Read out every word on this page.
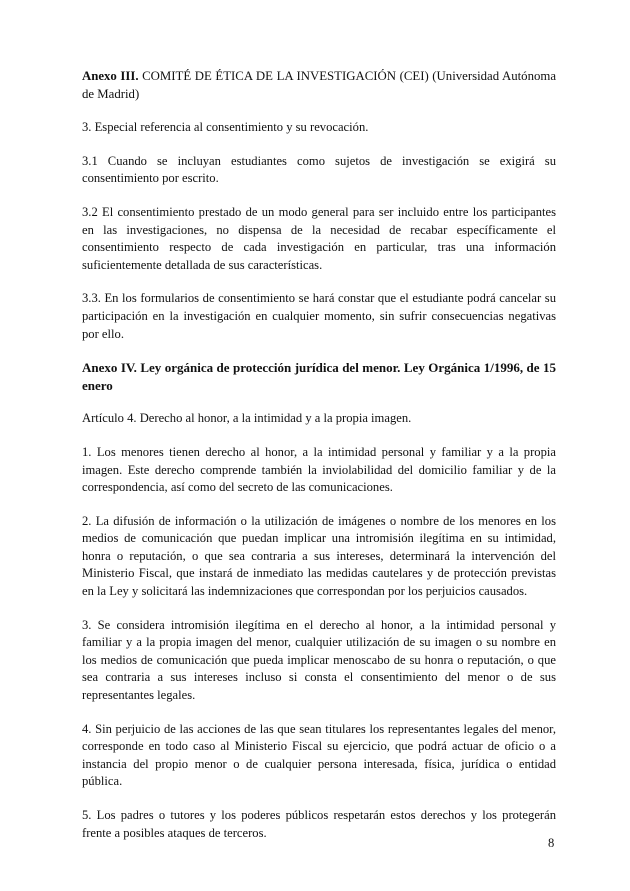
Anexo III. COMITÉ DE ÉTICA DE LA INVESTIGACIÓN (CEI) (Universidad Autónoma de Madrid)

3. Especial referencia al consentimiento y su revocación.

3.1 Cuando se incluyan estudiantes como sujetos de investigación se exigirá su consentimiento por escrito.

3.2 El consentimiento prestado de un modo general para ser incluido entre los participantes en las investigaciones, no dispensa de la necesidad de recabar específicamente el consentimiento respecto de cada investigación en particular, tras una información suficientemente detallada de sus características.

3.3. En los formularios de consentimiento se hará constar que el estudiante podrá cancelar su participación en la investigación en cualquier momento, sin sufrir consecuencias negativas por ello.

Anexo IV. Ley orgánica de protección jurídica del menor. Ley Orgánica 1/1996, de 15 enero

Artículo 4. Derecho al honor, a la intimidad y a la propia imagen.

1. Los menores tienen derecho al honor, a la intimidad personal y familiar y a la propia imagen. Este derecho comprende también la inviolabilidad del domicilio familiar y de la correspondencia, así como del secreto de las comunicaciones.

2. La difusión de información o la utilización de imágenes o nombre de los menores en los medios de comunicación que puedan implicar una intromisión ilegítima en su intimidad, honra o reputación, o que sea contraria a sus intereses, determinará la intervención del Ministerio Fiscal, que instará de inmediato las medidas cautelares y de protección previstas en la Ley y solicitará las indemnizaciones que correspondan por los perjuicios causados.

3. Se considera intromisión ilegítima en el derecho al honor, a la intimidad personal y familiar y a la propia imagen del menor, cualquier utilización de su imagen o su nombre en los medios de comunicación que pueda implicar menoscabo de su honra o reputación, o que sea contraria a sus intereses incluso si consta el consentimiento del menor o de sus representantes legales.

4. Sin perjuicio de las acciones de las que sean titulares los representantes legales del menor, corresponde en todo caso al Ministerio Fiscal su ejercicio, que podrá actuar de oficio o a instancia del propio menor o de cualquier persona interesada, física, jurídica o entidad pública.

5. Los padres o tutores y los poderes públicos respetarán estos derechos y los protegerán frente a posibles ataques de terceros.

8
